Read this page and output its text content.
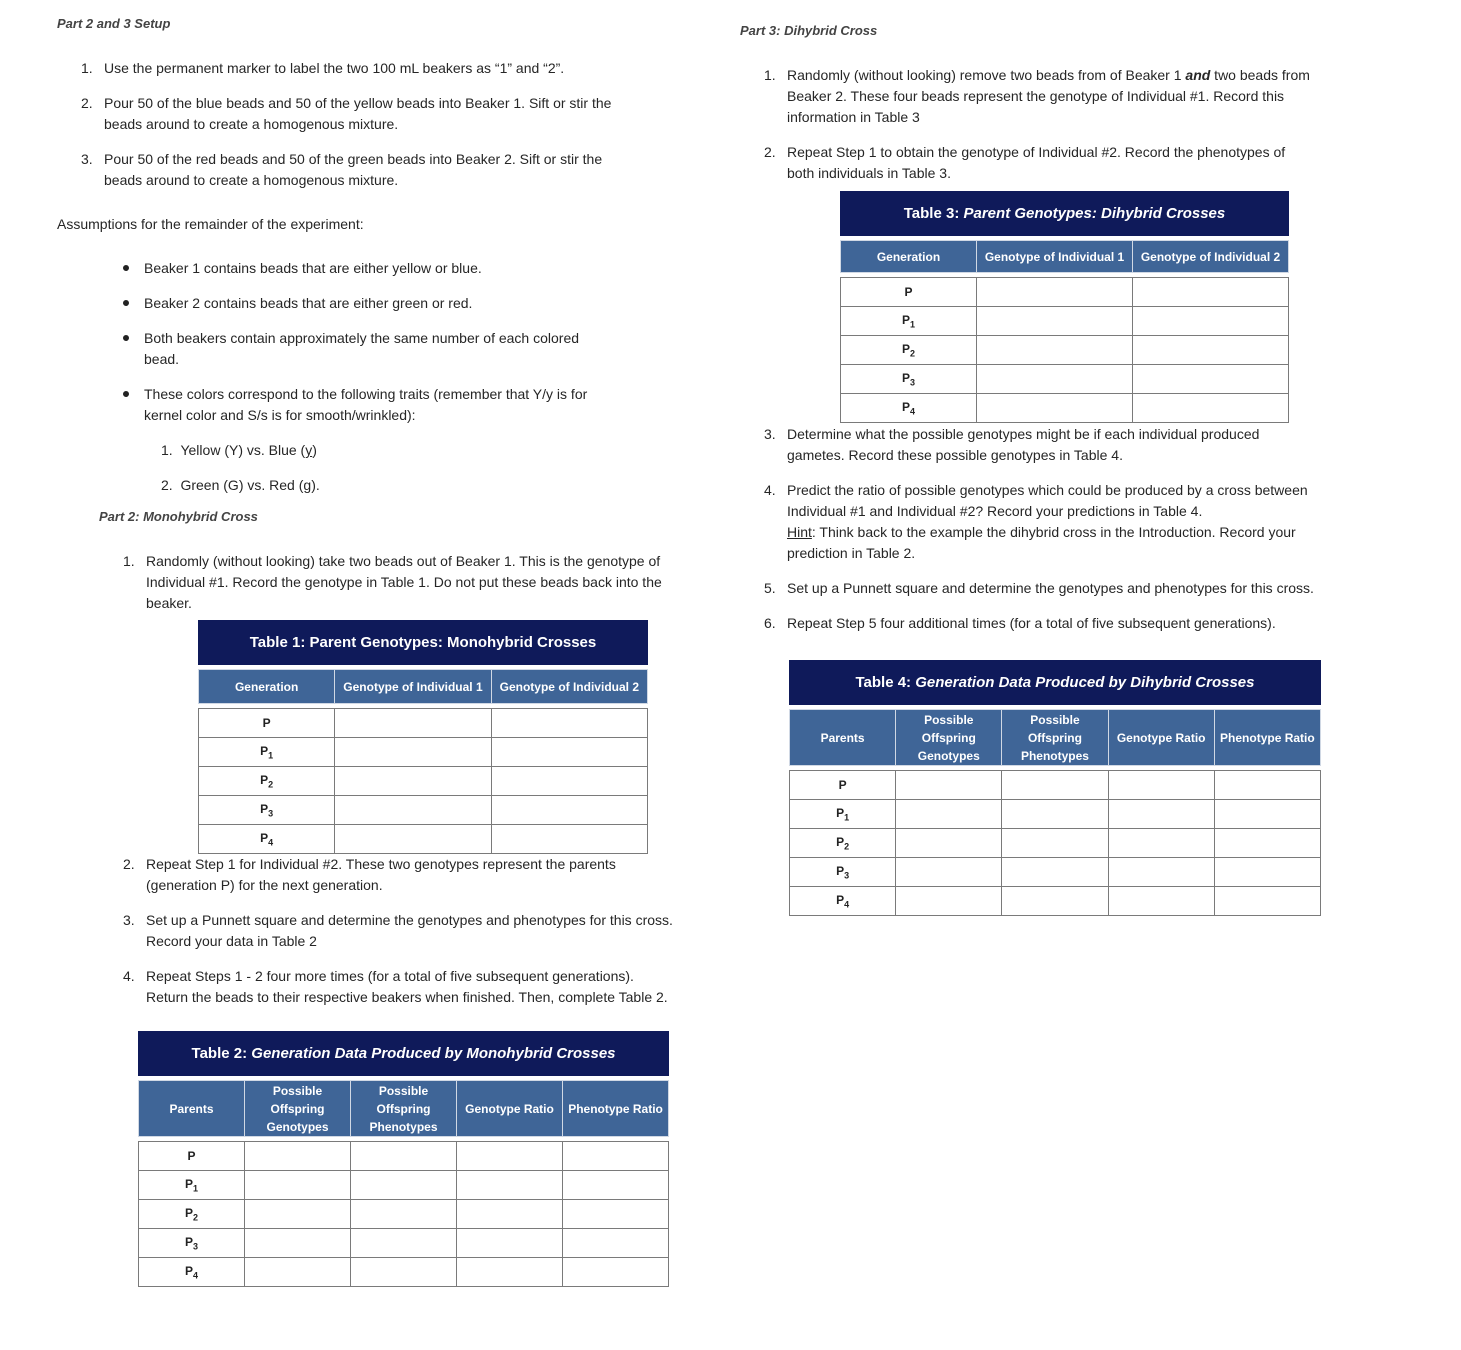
Part 2 and 3 Setup
1. Use the permanent marker to label the two 100 mL beakers as “1” and “2”.
2. Pour 50 of the blue beads and 50 of the yellow beads into Beaker 1. Sift or stir the
beads around to create a homogenous mixture.
3. Pour 50 of the red beads and 50 of the green beads into Beaker 2. Sift or stir the
beads around to create a homogenous mixture.
Assumptions for the remainder of the experiment:
Beaker 1 contains beads that are either yellow or blue.
Beaker 2 contains beads that are either green or red.
Both beakers contain approximately the same number of each colored
bead.
These colors correspond to the following traits (remember that Y/y is for
kernel color and S/s is for smooth/wrinkled):
1. Yellow (Y) vs. Blue (y)
2. Green (G) vs. Red (g).
Part 2: Monohybrid Cross
1. Randomly (without looking) take two beads out of Beaker 1. This is the genotype of
Individual #1. Record the genotype in Table 1. Do not put these beads back into the
beaker.
Table 1: Parent Genotypes: Monohybrid Crosses		

Generation	Genotype of Individual 1	Genotype of Individual 2

P		
$P_1$		
$P_2$		
$P_3$		
$P_4$		
2. Repeat Step 1 for Individual #2. These two genotypes represent the parents
(generation P) for the next generation.
3. Set up a Punnett square and determine the genotypes and phenotypes for this cross.
Record your data in Table 2
4. Repeat Steps 1 - 2 four more times (for a total of five subsequent generations).
Return the beads to their respective beakers when finished. Then, complete Table 2.
Table 2: Generation Data Produced by Monohybrid Crosses				

Parents	Possible Offspring Genotypes	Possible Offspring Phenotypes	Genotype Ratio	Phenotype Ratio

P				
$P_1$				
$P_2$				
$P_3$				
$P_4$				
Part 3: Dihybrid Cross
1. Randomly (without looking) remove two beads from of Beaker 1 and two beads from
Beaker 2. These four beads represent the genotype of Individual #1. Record this
information in Table 3
2. Repeat Step 1 to obtain the genotype of Individual #2. Record the phenotypes of
both individuals in Table 3.
Table 3: Parent Genotypes: Dihybrid Crosses		

Generation	Genotype of Individual 1	Genotype of Individual 2

P		
$P_1$		
$P_2$		
$P_3$		
$P_4$		
3. Determine what the possible genotypes might be if each individual produced
gametes. Record these possible genotypes in Table 4.
4. Predict the ratio of possible genotypes which could be produced by a cross between
Individual #1 and Individual #2? Record your predictions in Table 4.
Hint: Think back to the example the dihybrid cross in the Introduction. Record your
prediction in Table 2.
5. Set up a Punnett square and determine the genotypes and phenotypes for this cross.
6. Repeat Step 5 four additional times (for a total of five subsequent generations).
Table 4: Generation Data Produced by Dihybrid Crosses				

Parents	Possible Offspring Genotypes	Possible Offspring Phenotypes	Genotype Ratio	Phenotype Ratio

P				
$P_1$				
$P_2$				
$P_3$				
$P_4$				
